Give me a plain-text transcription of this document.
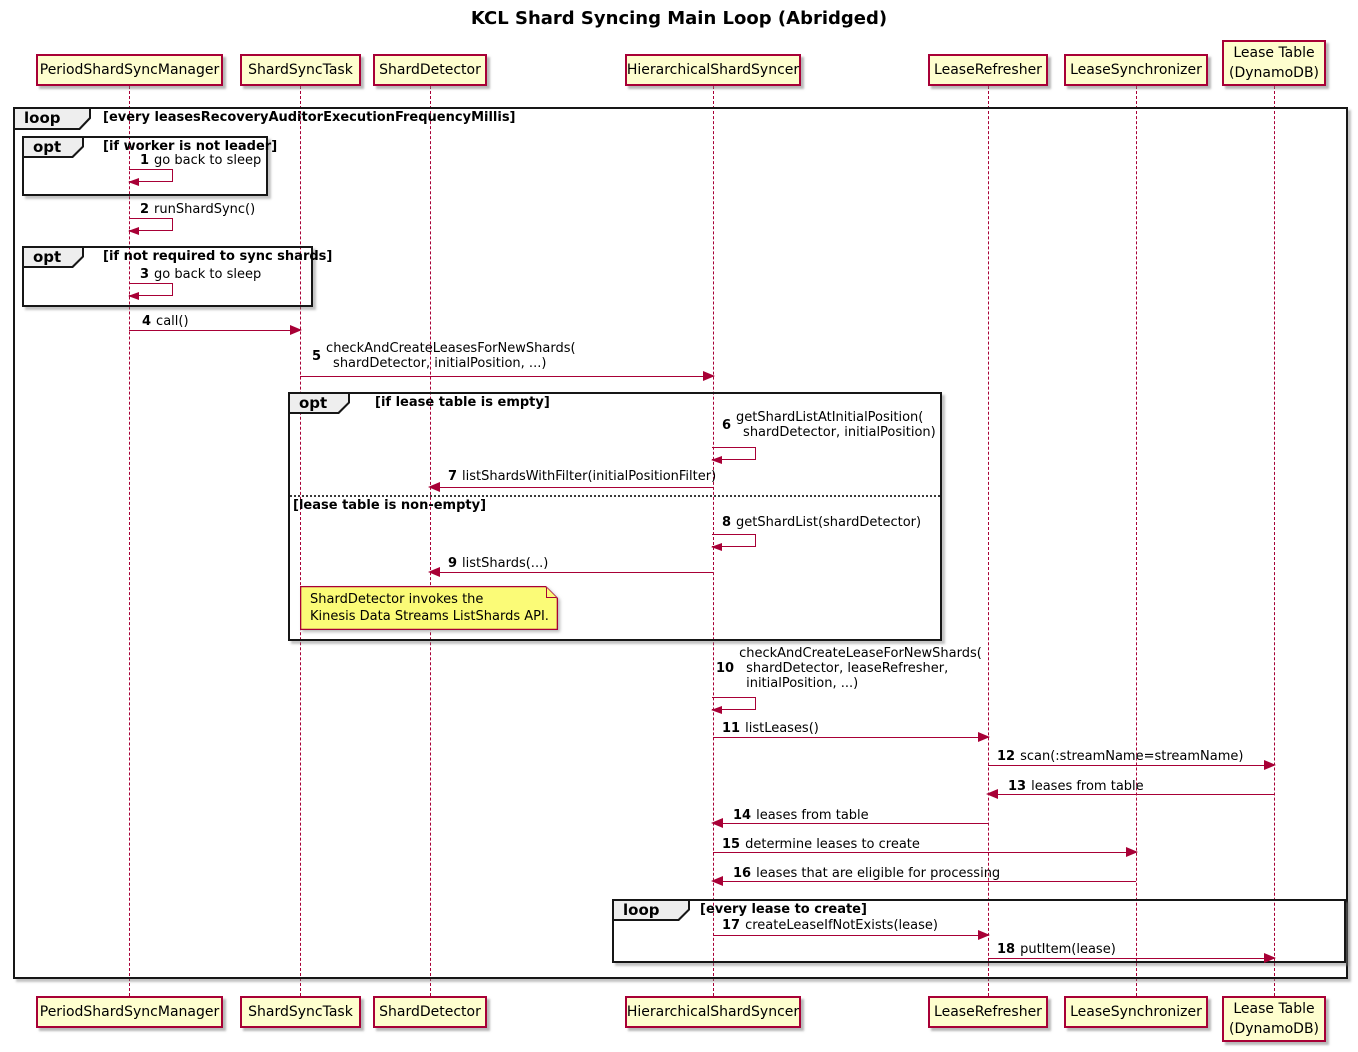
KCL Shard Syncing Main Loop (Abridged)
PeriodShardSyncManager ShardSyncTask ShardDetector	HierarchicalShardSyncer	LeaseRefresher LeaseSynchronizer
Lease Table
(DynamoDB)
loop	[every leasesRecoveryAuditorExecutionFrequencyMillis]
opt	[if worker is not leader]
1 go back to sleep
2 runShardSync()
opt	[if not required to sync shards]
3 go back to sleep
4 call()
5 checkAndCreateLeasesForNewShards(
shardDetector, initialPosition, ...)
opt	[if lease table is empty]
6 getShardListAtInitialPosition(
shardDetector, initialPosition)
7 listShardsWithFilter(initialPositionFilter)
[lease table is non-empty]
8 getShardList(shardDetector)
9 listShards(...)
ShardDetector invokes the
Kinesis Data Streams ListShards API.
10
checkAndCreateLeaseForNewShards(
shardDetector, leaseRefresher,
initialPosition, ...)
11 listLeases()
12 scan(:streamName=streamName)
13 leases from table
14 leases from table
15 determine leases to create
16 leases that are eligible for processing
loop	[every lease to create]
17 createLeaseIfNotExists(lease)
18 putItem(lease)
PeriodShardSyncManager ShardSyncTask ShardDetector	HierarchicalShardSyncer	LeaseRefresher LeaseSynchronizer Lease Table
(DynamoDB)
